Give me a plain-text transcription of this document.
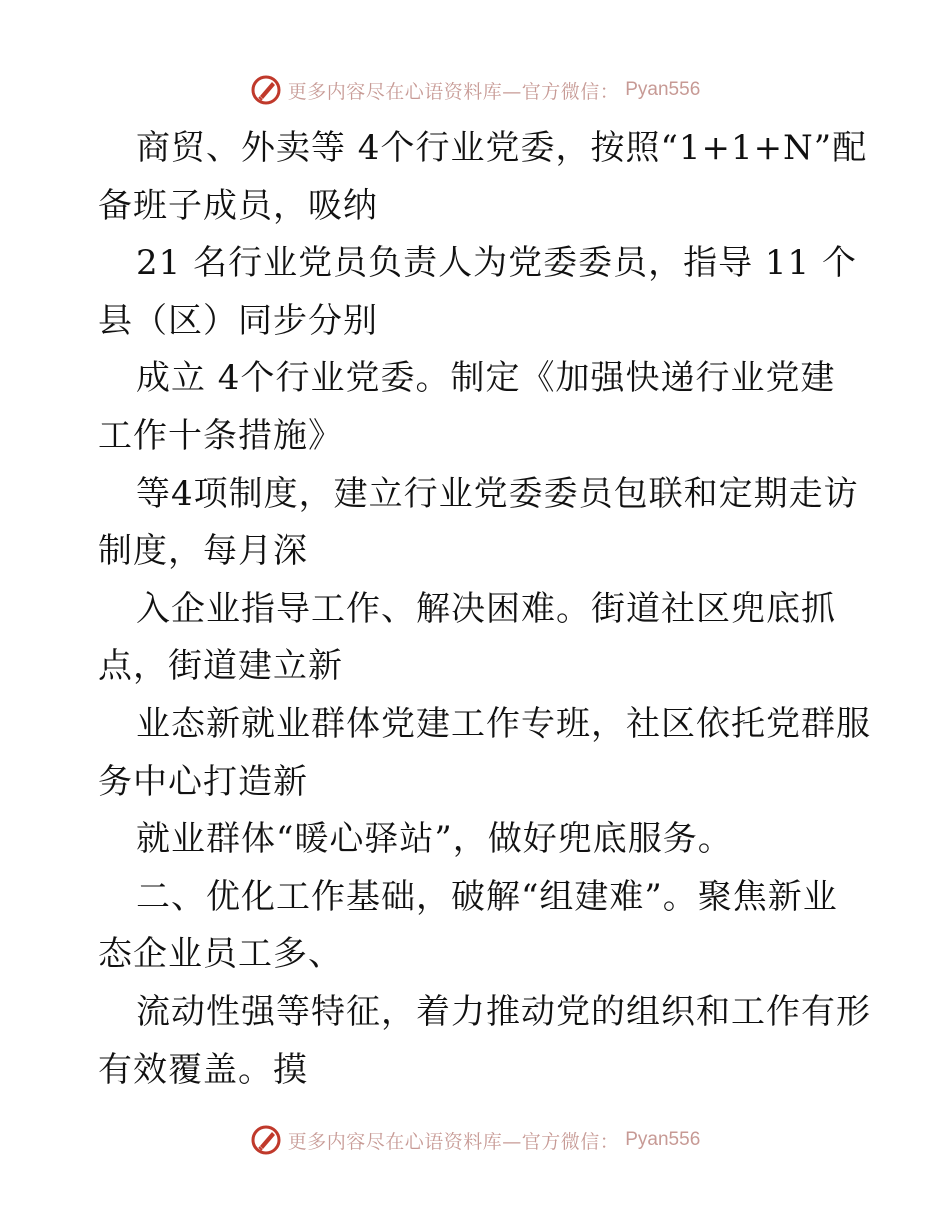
更多内容尽在心语资料库—官方微信： Pyan556
商贸、外卖等 4个行业党委，按照“1+1+N”配
备班子成员，吸纳
21 名行业党员负责人为党委委员，指导 11 个
县（区）同步分别
成立 4个行业党委。制定《加强快递行业党建
工作十条措施》
等4项制度，建立行业党委委员包联和定期走访
制度，每月深
入企业指导工作、解决困难。街道社区兜底抓
点，街道建立新
业态新就业群体党建工作专班，社区依托党群服
务中心打造新
就业群体“暖心驿站”，做好兜底服务。
二、优化工作基础，破解“组建难”。聚焦新业
态企业员工多、
流动性强等特征，着力推动党的组织和工作有形
有效覆盖。摸
更多内容尽在心语资料库—官方微信： Pyan556
